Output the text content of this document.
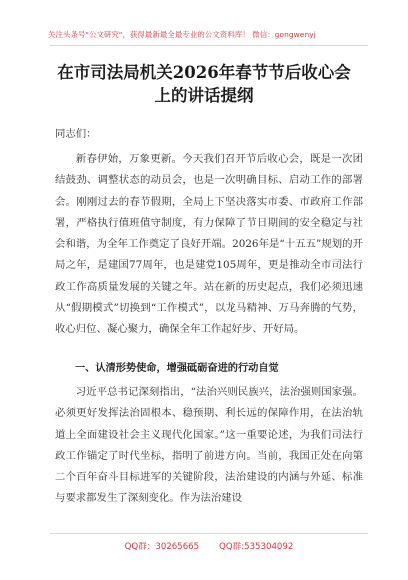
关注头条号"公文研究"，获得最新最全最专业的公文资料库！ 微信：gongwenyj
在市司法局机关2026年春节节后收心会
上的讲话提纲
同志们：

新春伊始，万象更新。今天我们召开节后收心会，既是一次团结鼓劲、调整状态的动员会，也是一次明确目标、启动工作的部署会。刚刚过去的春节假期，全局上下坚决落实市委、市政府工作部署，严格执行值班值守制度，有力保障了节日期间的安全稳定与社会和谐，为全年工作奠定了良好开端。2026年是“十五五”规划的开局之年，是建国77周年，也是建党105周年，更是推动全市司法行政工作高质量发展的关键之年。站在新的历史起点，我们必须迅速从“假期模式”切换到“工作模式”，以龙马精神、万马奔腾的气势，收心归位、凝心聚力，确保全年工作起好步、开好局。

一、认清形势使命，增强砥砺奋进的行动自觉

习近平总书记深刻指出，“法治兴则民族兴，法治强则国家强。必须更好发挥法治固根本、稳预期、利长远的保障作用，在法治轨道上全面建设社会主义现代化国家。”这一重要论述，为我们司法行政工作锚定了时代坐标，指明了前进方向。当前，我国正处在向第二个百年奋斗目标进军的关键阶段，法治建设的内涵与外延、标准与要求都发生了深刻变化。作为法治建设

QQ群：30265665 QQ群:535304092
